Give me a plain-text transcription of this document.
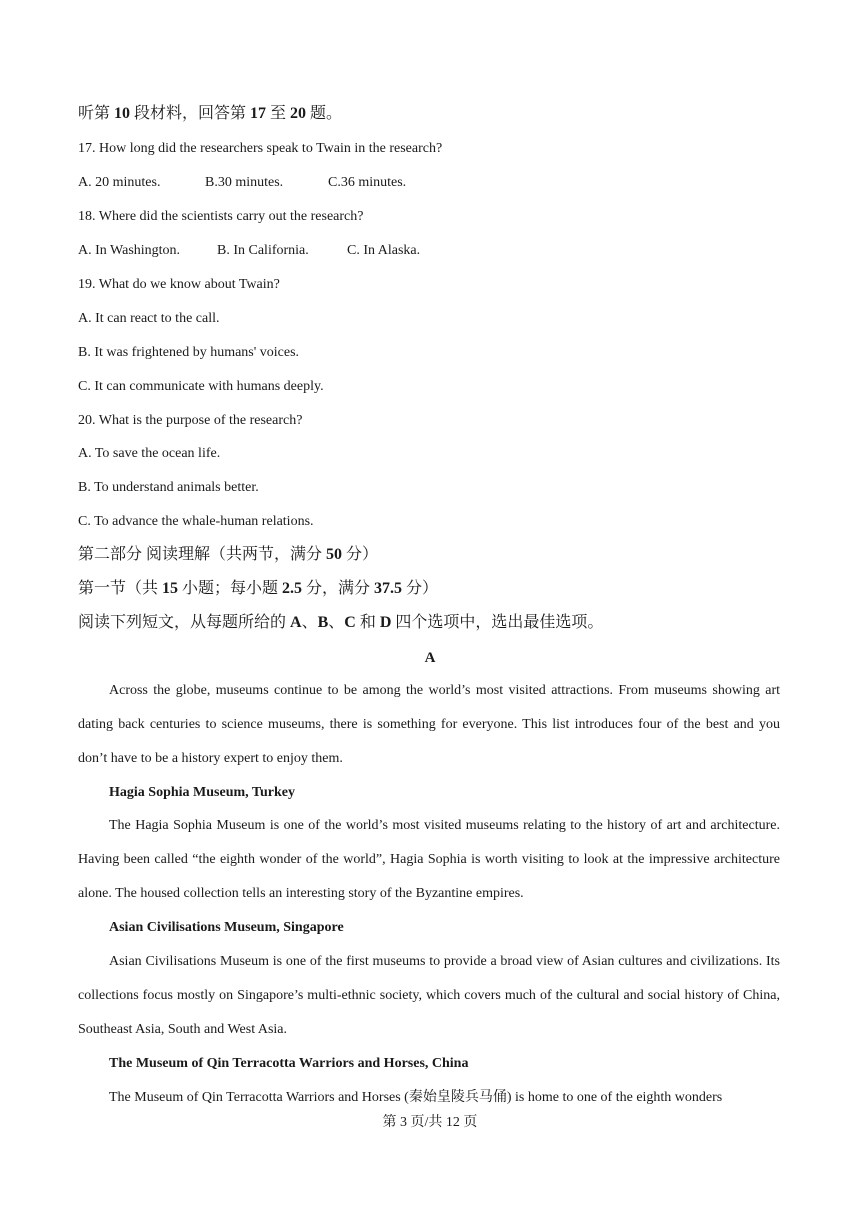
听第 10 段材料，回答第 17 至 20 题。
17. How long did the researchers speak to Twain in the research?
A. 20 minutes.	B.30 minutes.	C.36 minutes.
18. Where did the scientists carry out the research?
A. In Washington.	B. In California.	C. In Alaska.
19. What do we know about Twain?
A. It can react to the call.
B. It was frightened by humans' voices.
C. It can communicate with humans deeply.
20. What is the purpose of the research?
A. To save the ocean life.
B. To understand animals better.
C. To advance the whale-human relations.
第二部分 阅读理解（共两节，满分 50 分）
第一节（共 15 小题；每小题 2.5 分，满分 37.5 分）
阅读下列短文，从每题所给的 A、B、C 和 D 四个选项中，选出最佳选项。
A
Across the globe, museums continue to be among the world’s most visited attractions. From museums showing art dating back centuries to science museums, there is something for everyone. This list introduces four of the best and you don’t have to be a history expert to enjoy them.
Hagia Sophia Museum, Turkey
The Hagia Sophia Museum is one of the world’s most visited museums relating to the history of art and architecture. Having been called “the eighth wonder of the world”, Hagia Sophia is worth visiting to look at the impressive architecture alone. The housed collection tells an interesting story of the Byzantine empires.
Asian Civilisations Museum, Singapore
Asian Civilisations Museum is one of the first museums to provide a broad view of Asian cultures and civilizations. Its collections focus mostly on Singapore’s multi-ethnic society, which covers much of the cultural and social history of China, Southeast Asia, South and West Asia.
The Museum of Qin Terracotta Warriors and Horses, China
The Museum of Qin Terracotta Warriors and Horses (秦始皇陵兵马俑) is home to one of the eighth wonders
第 3 页/共 12 页
